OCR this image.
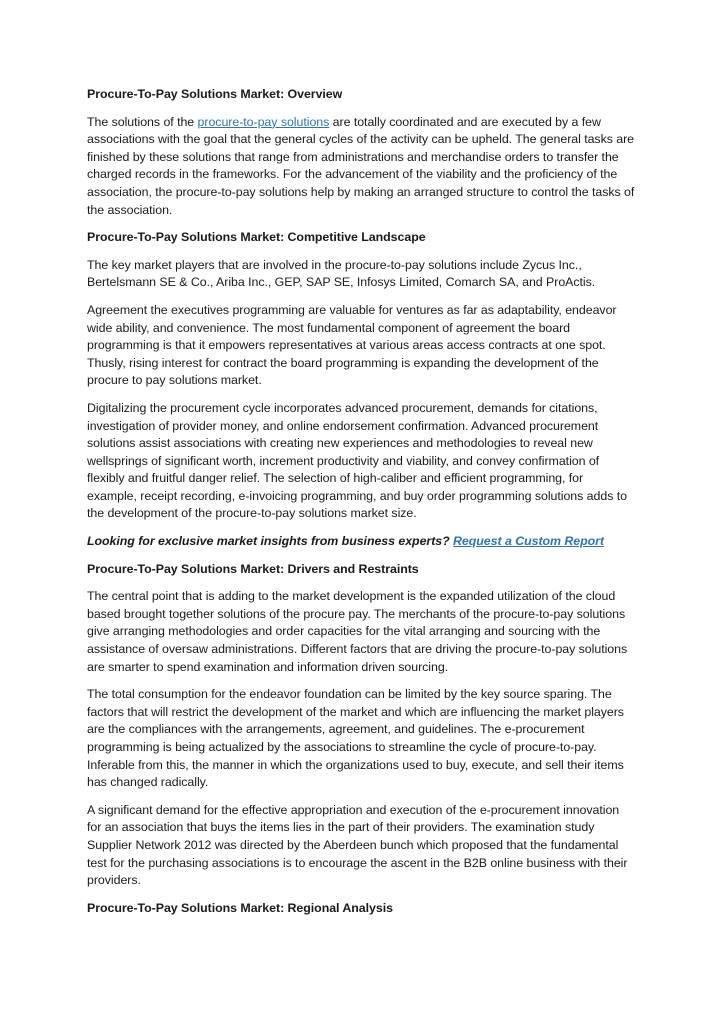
Procure-To-Pay Solutions Market: Overview

The solutions of the procure-to-pay solutions are totally coordinated and are executed by a few associations with the goal that the general cycles of the activity can be upheld. The general tasks are finished by these solutions that range from administrations and merchandise orders to transfer the charged records in the frameworks. For the advancement of the viability and the proficiency of the association, the procure-to-pay solutions help by making an arranged structure to control the tasks of the association.

Procure-To-Pay Solutions Market: Competitive Landscape

The key market players that are involved in the procure-to-pay solutions include Zycus Inc., Bertelsmann SE & Co., Ariba Inc., GEP, SAP SE, Infosys Limited, Comarch SA, and ProActis.

Agreement the executives programming are valuable for ventures as far as adaptability, endeavor wide ability, and convenience. The most fundamental component of agreement the board programming is that it empowers representatives at various areas access contracts at one spot. Thusly, rising interest for contract the board programming is expanding the development of the procure to pay solutions market.

Digitalizing the procurement cycle incorporates advanced procurement, demands for citations, investigation of provider money, and online endorsement confirmation. Advanced procurement solutions assist associations with creating new experiences and methodologies to reveal new wellsprings of significant worth, increment productivity and viability, and convey confirmation of flexibly and fruitful danger relief. The selection of high-caliber and efficient programming, for example, receipt recording, e-invoicing programming, and buy order programming solutions adds to the development of the procure-to-pay solutions market size.

Looking for exclusive market insights from business experts? Request a Custom Report

Procure-To-Pay Solutions Market: Drivers and Restraints

The central point that is adding to the market development is the expanded utilization of the cloud based brought together solutions of the procure pay. The merchants of the procure-to-pay solutions give arranging methodologies and order capacities for the vital arranging and sourcing with the assistance of oversaw administrations. Different factors that are driving the procure-to-pay solutions are smarter to spend examination and information driven sourcing.

The total consumption for the endeavor foundation can be limited by the key source sparing. The factors that will restrict the development of the market and which are influencing the market players are the compliances with the arrangements, agreement, and guidelines. The e-procurement programming is being actualized by the associations to streamline the cycle of procure-to-pay. Inferable from this, the manner in which the organizations used to buy, execute, and sell their items has changed radically.

A significant demand for the effective appropriation and execution of the e-procurement innovation for an association that buys the items lies in the part of their providers. The examination study Supplier Network 2012 was directed by the Aberdeen bunch which proposed that the fundamental test for the purchasing associations is to encourage the ascent in the B2B online business with their providers.

Procure-To-Pay Solutions Market: Regional Analysis
